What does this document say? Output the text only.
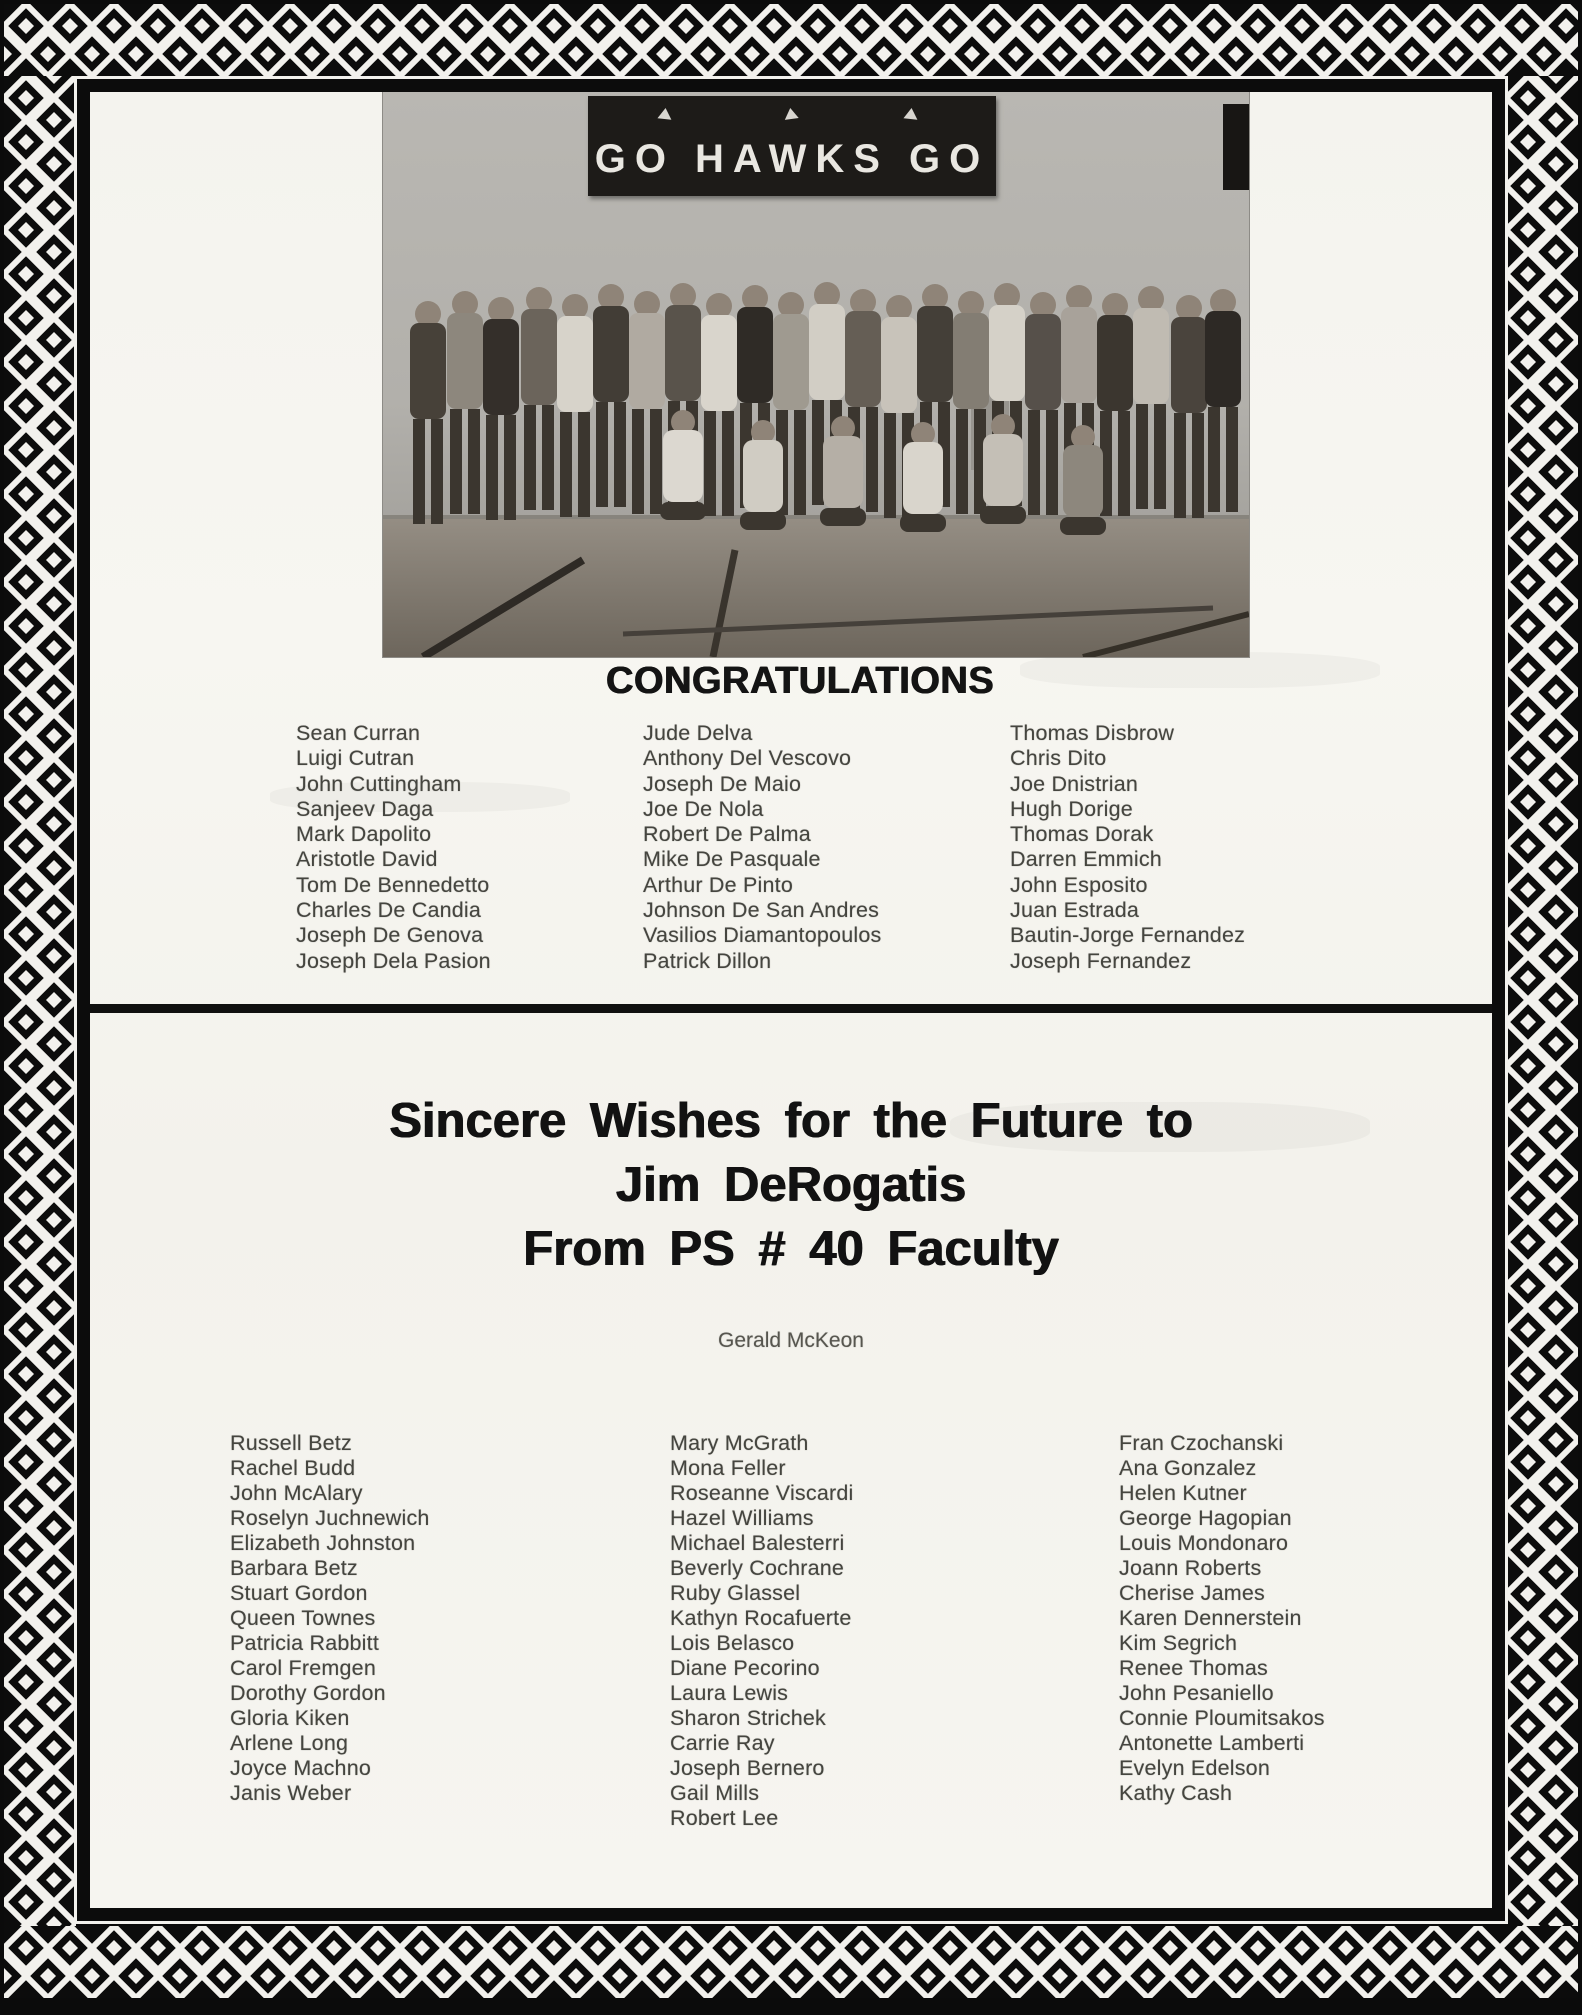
GO HAWKS GO
CONGRATULATIONS
Sean Curran
Luigi Cutran
John Cuttingham
Sanjeev Daga
Mark Dapolito
Aristotle David
Tom De Bennedetto
Charles De Candia
Joseph De Genova
Joseph Dela Pasion
Jude Delva
Anthony Del Vescovo
Joseph De Maio
Joe De Nola
Robert De Palma
Mike De Pasquale
Arthur De Pinto
Johnson De San Andres
Vasilios Diamantopoulos
Patrick Dillon
Thomas Disbrow
Chris Dito
Joe Dnistrian
Hugh Dorige
Thomas Dorak
Darren Emmich
John Esposito
Juan Estrada
Bautin-Jorge Fernandez
Joseph Fernandez
Sincere Wishes for the Future to
Jim DeRogatis
From PS # 40 Faculty
Gerald McKeon
Russell Betz
Rachel Budd
John McAlary
Roselyn Juchnewich
Elizabeth Johnston
Barbara Betz
Stuart Gordon
Queen Townes
Patricia Rabbitt
Carol Fremgen
Dorothy Gordon
Gloria Kiken
Arlene Long
Joyce Machno
Janis Weber
Mary McGrath
Mona Feller
Roseanne Viscardi
Hazel Williams
Michael Balesterri
Beverly Cochrane
Ruby Glassel
Kathyn Rocafuerte
Lois Belasco
Diane Pecorino
Laura Lewis
Sharon Strichek
Carrie Ray
Joseph Bernero
Gail Mills
Robert Lee
Fran Czochanski
Ana Gonzalez
Helen Kutner
George Hagopian
Louis Mondonaro
Joann Roberts
Cherise James
Karen Dennerstein
Kim Segrich
Renee Thomas
John Pesaniello
Connie Ploumitsakos
Antonette Lamberti
Evelyn Edelson
Kathy Cash
